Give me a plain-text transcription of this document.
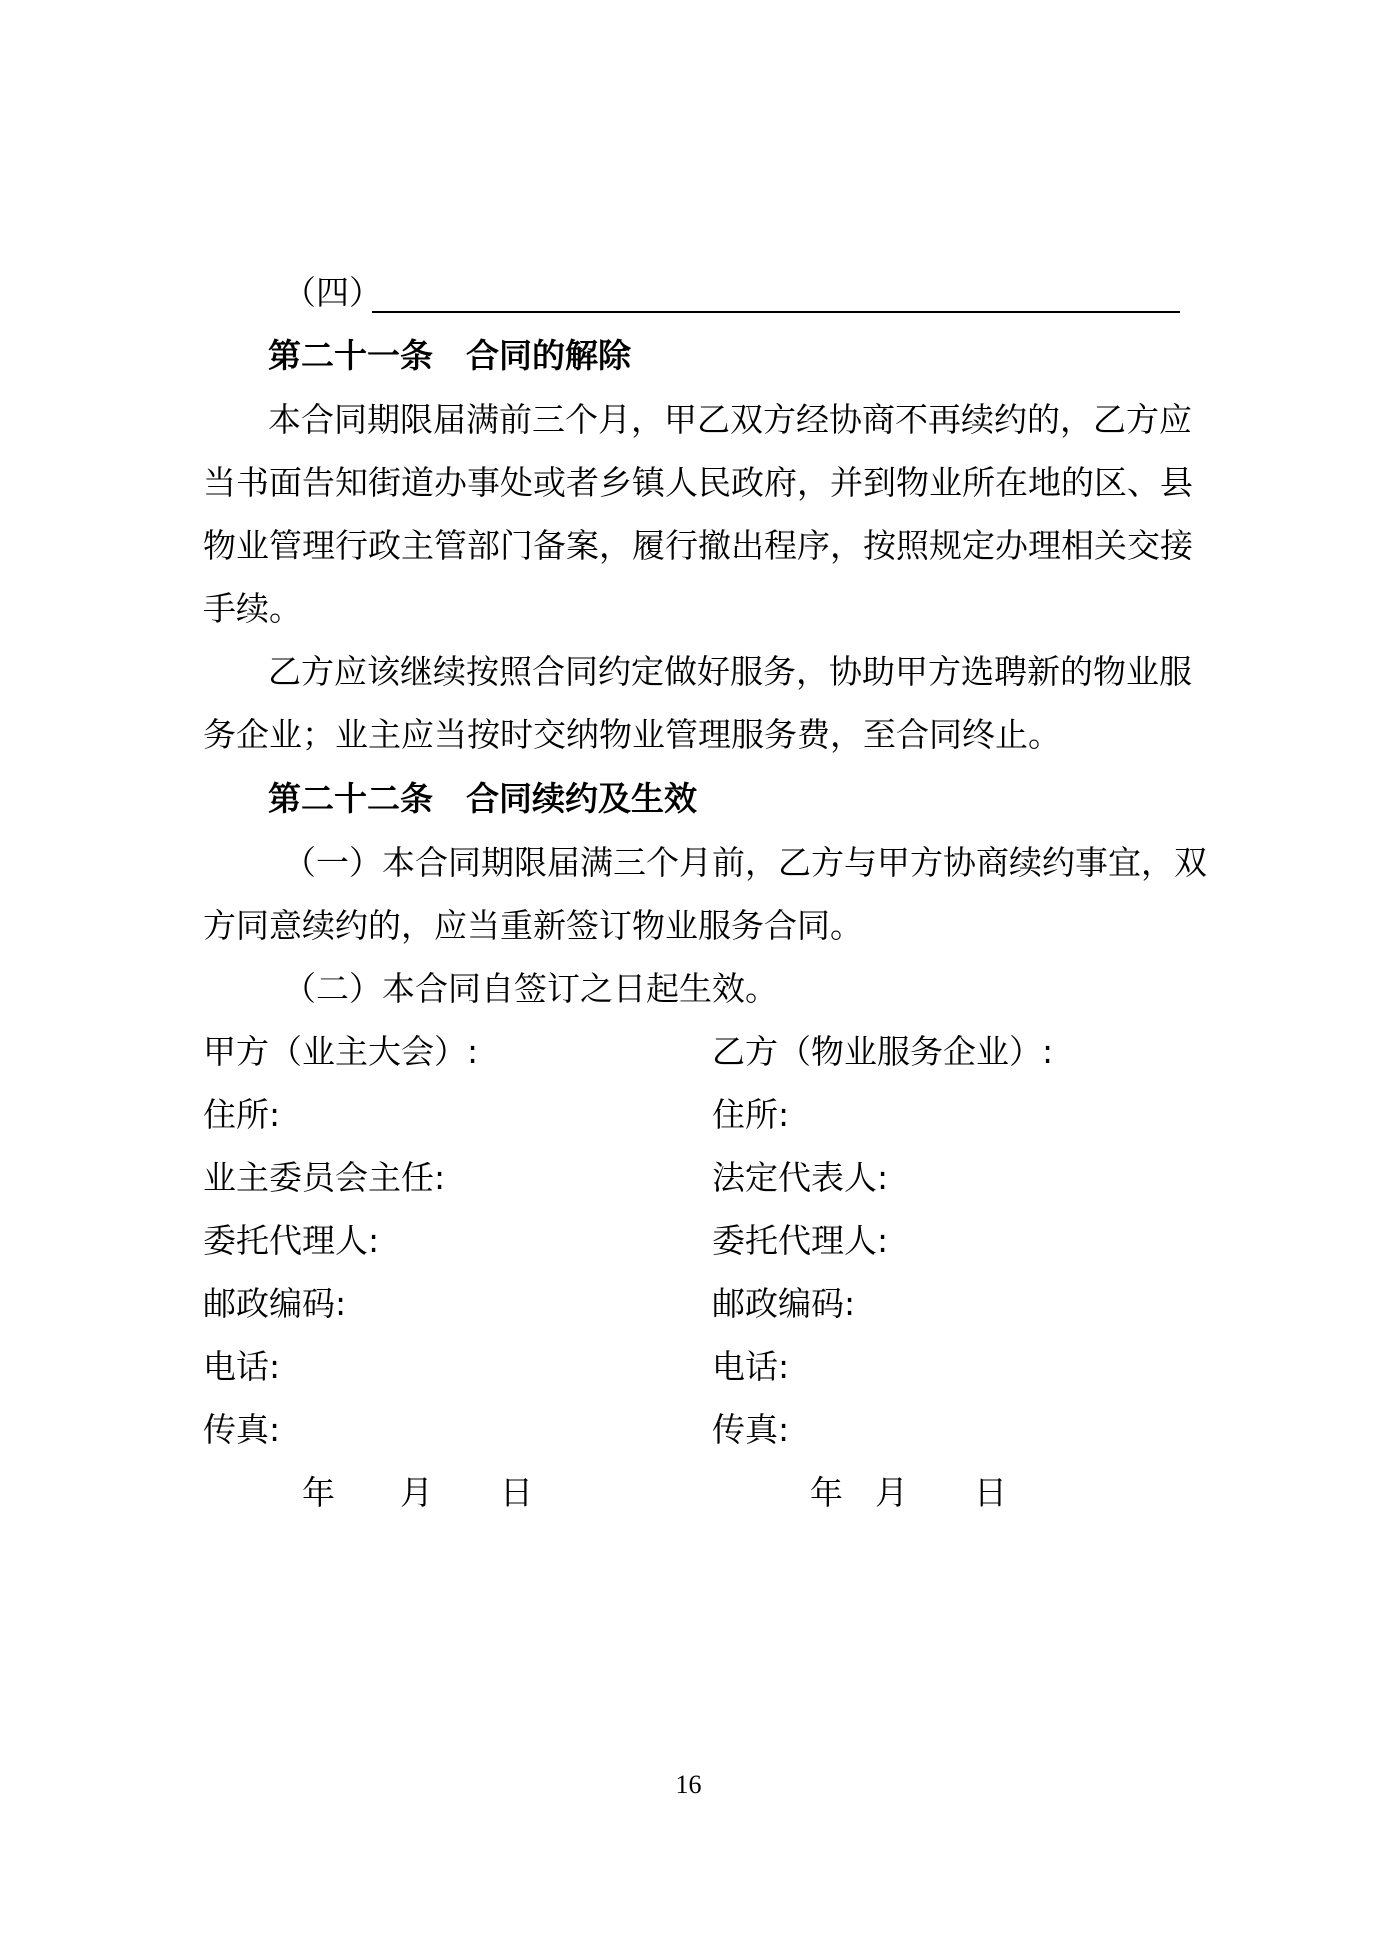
（四）
第二十一条　合同的解除
本合同期限届满前三个月，甲乙双方经协商不再续约的，乙方应
当书面告知街道办事处或者乡镇人民政府，并到物业所在地的区、县
物业管理行政主管部门备案，履行撤出程序，按照规定办理相关交接
手续。
乙方应该继续按照合同约定做好服务，协助甲方选聘新的物业服
务企业；业主应当按时交纳物业管理服务费，至合同终止。
第二十二条　合同续约及生效
（一）本合同期限届满三个月前，乙方与甲方协商续约事宜，双
方同意续约的，应当重新签订物业服务合同。
（二）本合同自签订之日起生效。
甲方（业主大会）:
住所:
业主委员会主任:
委托代理人:
邮政编码:
电话:
传真:
年 月 日
乙方（物业服务企业）:
住所:
法定代表人:
委托代理人:
邮政编码:
电话:
传真:
年 月 日
16
